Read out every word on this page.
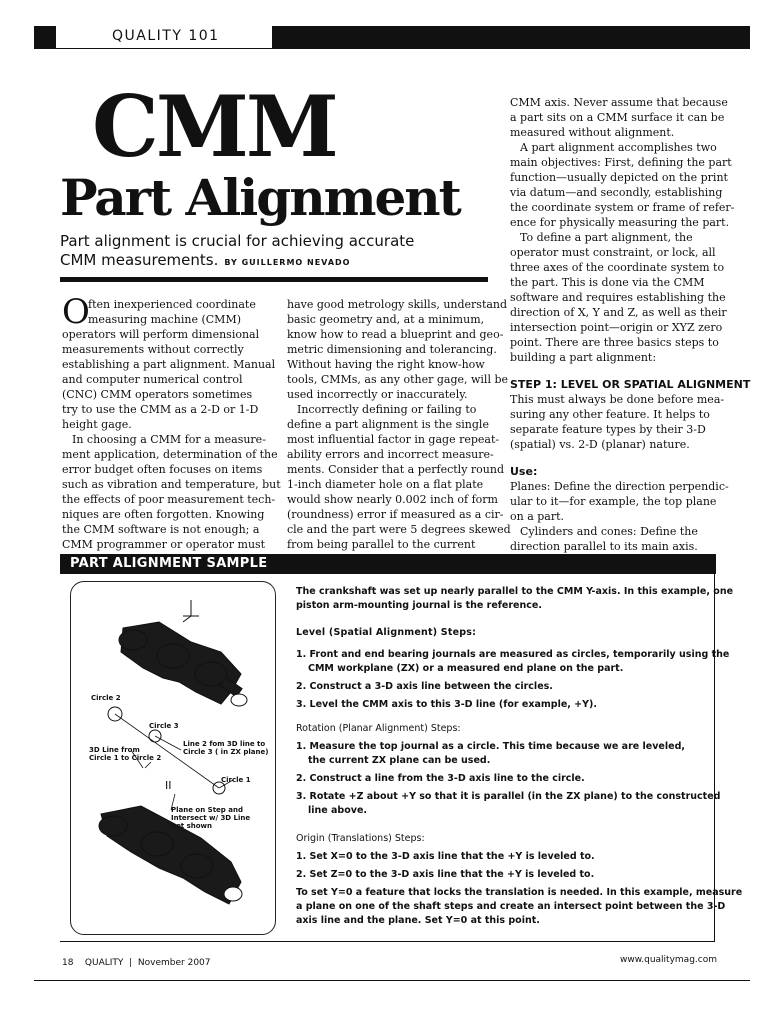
QUALITY 101
CMM
Part Alignment
Part alignment is crucial for achieving accurate
CMM measurements. BY GUILLERMO NEVADO
O
ften inexperienced coordinate
measuring machine (CMM)
operators will perform dimensional
measurements without correctly
establishing a part alignment. Manual
and computer numerical control
(CNC) CMM operators sometimes
try to use the CMM as a 2-D or 1-D
height gage.
In choosing a CMM for a measure-
ment application, determination of the
error budget often focuses on items
such as vibration and temperature, but
the effects of poor measurement tech-
niques are often forgotten. Knowing
the CMM software is not enough; a
CMM programmer or operator must
have good metrology skills, understand
basic geometry and, at a minimum,
know how to read a blueprint and geo-
metric dimensioning and tolerancing.
Without having the right know-how
tools, CMMs, as any other gage, will be
used incorrectly or inaccurately.
Incorrectly defining or failing to
define a part alignment is the single
most influential factor in gage repeat-
ability errors and incorrect measure-
ments. Consider that a perfectly round
1-inch diameter hole on a flat plate
would show nearly 0.002 inch of form
(roundness) error if measured as a cir-
cle and the part were 5 degrees skewed
from being parallel to the current
CMM axis. Never assume that because
a part sits on a CMM surface it can be
measured without alignment.
A part alignment accomplishes two
main objectives: First, defining the part
function—usually depicted on the print
via datum—and secondly, establishing
the coordinate system or frame of refer-
ence for physically measuring the part.
To define a part alignment, the
operator must constraint, or lock, all
three axes of the coordinate system to
the part. This is done via the CMM
software and requires establishing the
direction of X, Y and Z, as well as their
intersection point—origin or XYZ zero
point. There are three basics steps to
building a part alignment:
STEP 1: LEVEL OR SPATIAL ALIGNMENT
This must always be done before mea-
suring any other feature. It helps to
separate feature types by their 3-D
(spatial) vs. 2-D (planar) nature.
Use:
Planes: Define the direction perpendic-
ular to it—for example, the top plane
on a part.
Cylinders and cones: Define the
direction parallel to its main axis.
PART ALIGNMENT SAMPLE
Circle 2
Circle 3
3D Line from
Circle 1 to Circle 2
Line 2 fom 3D line to
Circle 3 ( in ZX plane)
Circle 1
II
Plane on Step and
Intersect w/ 3D Line
not shown
The crankshaft was set up nearly parallel to the CMM Y-axis. In this example, one
piston arm-mounting journal is the reference.
Level (Spatial Alignment) Steps:
1. Front and end bearing journals are measured as circles, temporarily using the
CMM workplane (ZX) or a measured end plane on the part.
2. Construct a 3-D axis line between the circles.
3. Level the CMM axis to this 3-D line (for example, +Y).
Rotation (Planar Alignment) Steps:
1. Measure the top journal as a circle. This time because we are leveled,
the current ZX plane can be used.
2. Construct a line from the 3-D axis line to the circle.
3. Rotate +Z about +Y so that it is parallel (in the ZX plane) to the constructed
line above.
Origin (Translations) Steps:
1. Set X=0 to the 3-D axis line that the +Y is leveled to.
2. Set Z=0 to the 3-D axis line that the +Y is leveled to.
To set Y=0 a feature that locks the translation is needed. In this example, measure
a plane on one of the shaft steps and create an intersect point between the 3-D
axis line and the plane. Set Y=0 at this point.
18 QUALITY  |  November 2007	www.qualitymag.com
